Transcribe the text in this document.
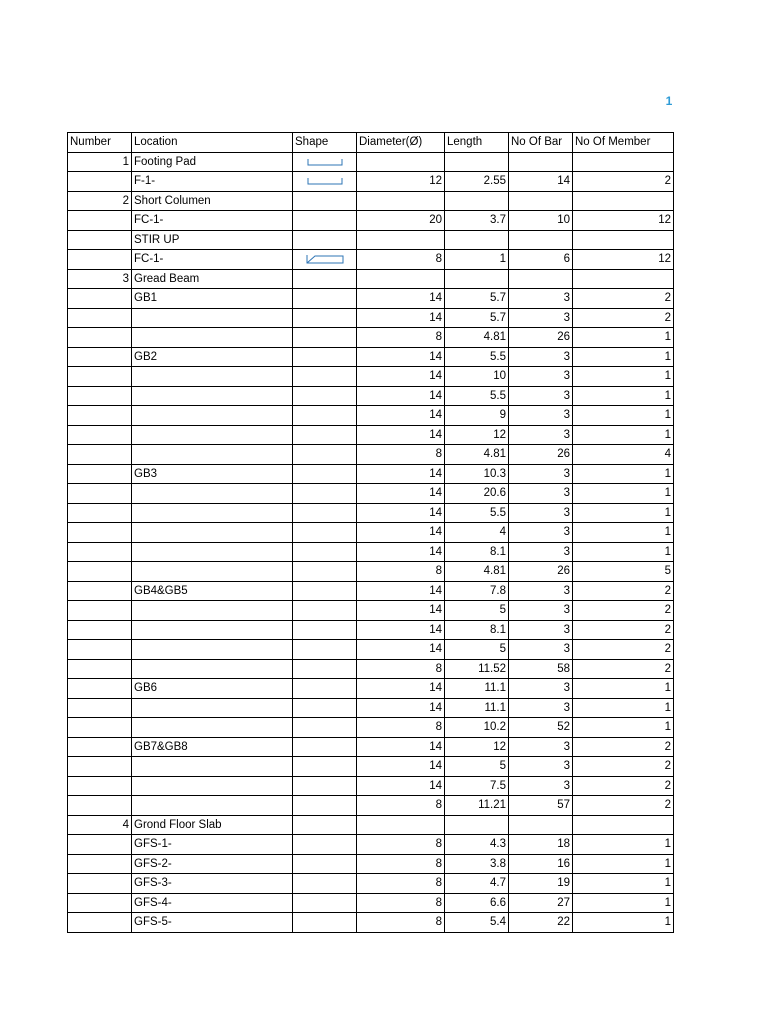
1
Number	Location	Shape	Diameter(Ø)	Length	No Of Bar	No Of Member
1	Footing Pad	

	F-1-		12	2.55	14	2
2	Short Columen					
	FC-1-		20	3.7	10	12
	STIR UP					
	FC-1-		8	1	6	12
3	Gread Beam					
	GB1		14	5.7	3	2
			14	5.7	3	2
			8	4.81	26	1
	GB2		14	5.5	3	1
			14	10	3	1
			14	5.5	3	1
			14	9	3	1
			14	12	3	1
			8	4.81	26	4
	GB3		14	10.3	3	1
			14	20.6	3	1
			14	5.5	3	1
			14	4	3	1
			14	8.1	3	1
			8	4.81	26	5
	GB4&GB5		14	7.8	3	2
			14	5	3	2
			14	8.1	3	2
			14	5	3	2
			8	11.52	58	2
	GB6		14	11.1	3	1
			14	11.1	3	1
			8	10.2	52	1
	GB7&GB8		14	12	3	2
			14	5	3	2
			14	7.5	3	2
			8	11.21	57	2
4	Grond Floor Slab					
	GFS-1-		8	4.3	18	1
	GFS-2-		8	3.8	16	1
	GFS-3-		8	4.7	19	1
	GFS-4-		8	6.6	27	1
	GFS-5-		8	5.4	22	1
